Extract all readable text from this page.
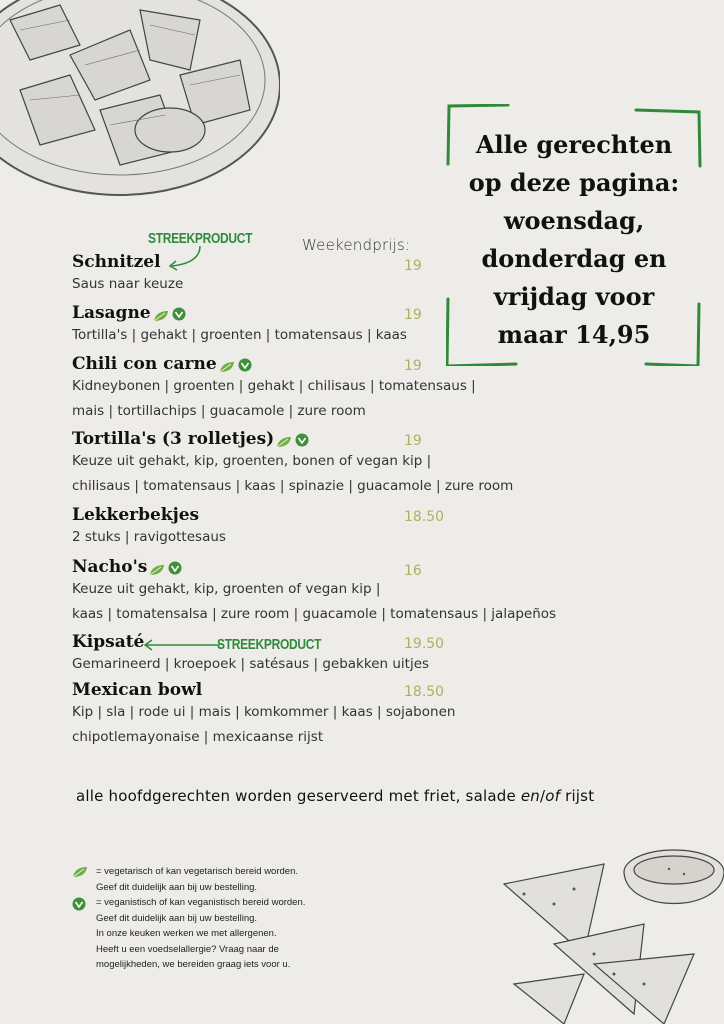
Alle gerechten
op deze pagina:
woensdag,
donderdag en
vrijdag voor
maar 14,95
STREEKPRODUCT	Weekendprijs:
Schnitzel
Saus naar keuze
19
Lasagne
Tortilla's | gehakt | groenten | tomatensaus | kaas
19
Chili con carne
Kidneybonen | groenten | gehakt | chilisaus | tomatensaus |
mais | tortillachips | guacamole | zure room
19
Tortilla's (3 rolletjes)
Keuze uit gehakt, kip, groenten, bonen of vegan kip |
chilisaus | tomatensaus | kaas | spinazie | guacamole | zure room
19
Lekkerbekjes
2 stuks | ravigottesaus
18.50
Nacho's
Keuze uit gehakt, kip, groenten of vegan kip |
kaas | tomatensalsa | zure room | guacamole | tomatensaus | jalapeños
16
Kipsaté
Gemarineerd | kroepoek | satésaus | gebakken uitjes
19.50
Mexican bowl
Kip | sla | rode ui | mais | komkommer | kaas | sojabonen
chipotlemayonaise | mexicaanse rijst
18.50
STREEKPRODUCT
alle hoofdgerechten worden geserveerd met friet, salade en/of rijst
= vegetarisch of kan vegetarisch bereid worden.
Geef dit duidelijk aan bij uw bestelling.
= veganistisch of kan veganistisch bereid worden.
Geef dit duidelijk aan bij uw bestelling.
In onze keuken werken we met allergenen.
Heeft u een voedselallergie? Vraag naar de
mogelijkheden, we bereiden graag iets voor u.
